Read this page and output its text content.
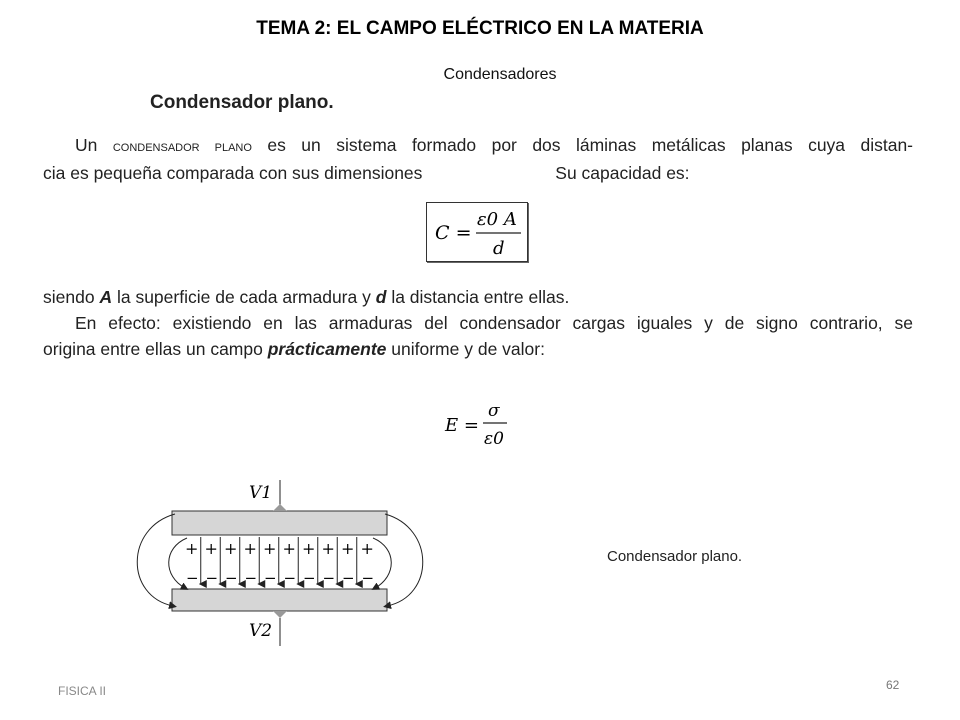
TEMA 2: EL CAMPO ELÉCTRICO EN LA MATERIA
Condensadores
Condensador plano.
Un condensador plano es un sistema formado por dos láminas metálicas planas cuya distan-
cia es pequeña comparada con sus dimensiones	Su capacidad es:
C =
ε0 A
d
siendo A la superficie de cada armadura y d la distancia entre ellas.
En efecto: existiendo en las armaduras del condensador cargas iguales y de signo contrario, se
origina entre ellas un campo prácticamente uniforme y de valor:
E =
σ
ε0
V1
V2
+
−
+
−
+
−
+
−
+
−
+
−
+
−
+
−
+
−
+
−
Condensador plano.
FISICA II	62
